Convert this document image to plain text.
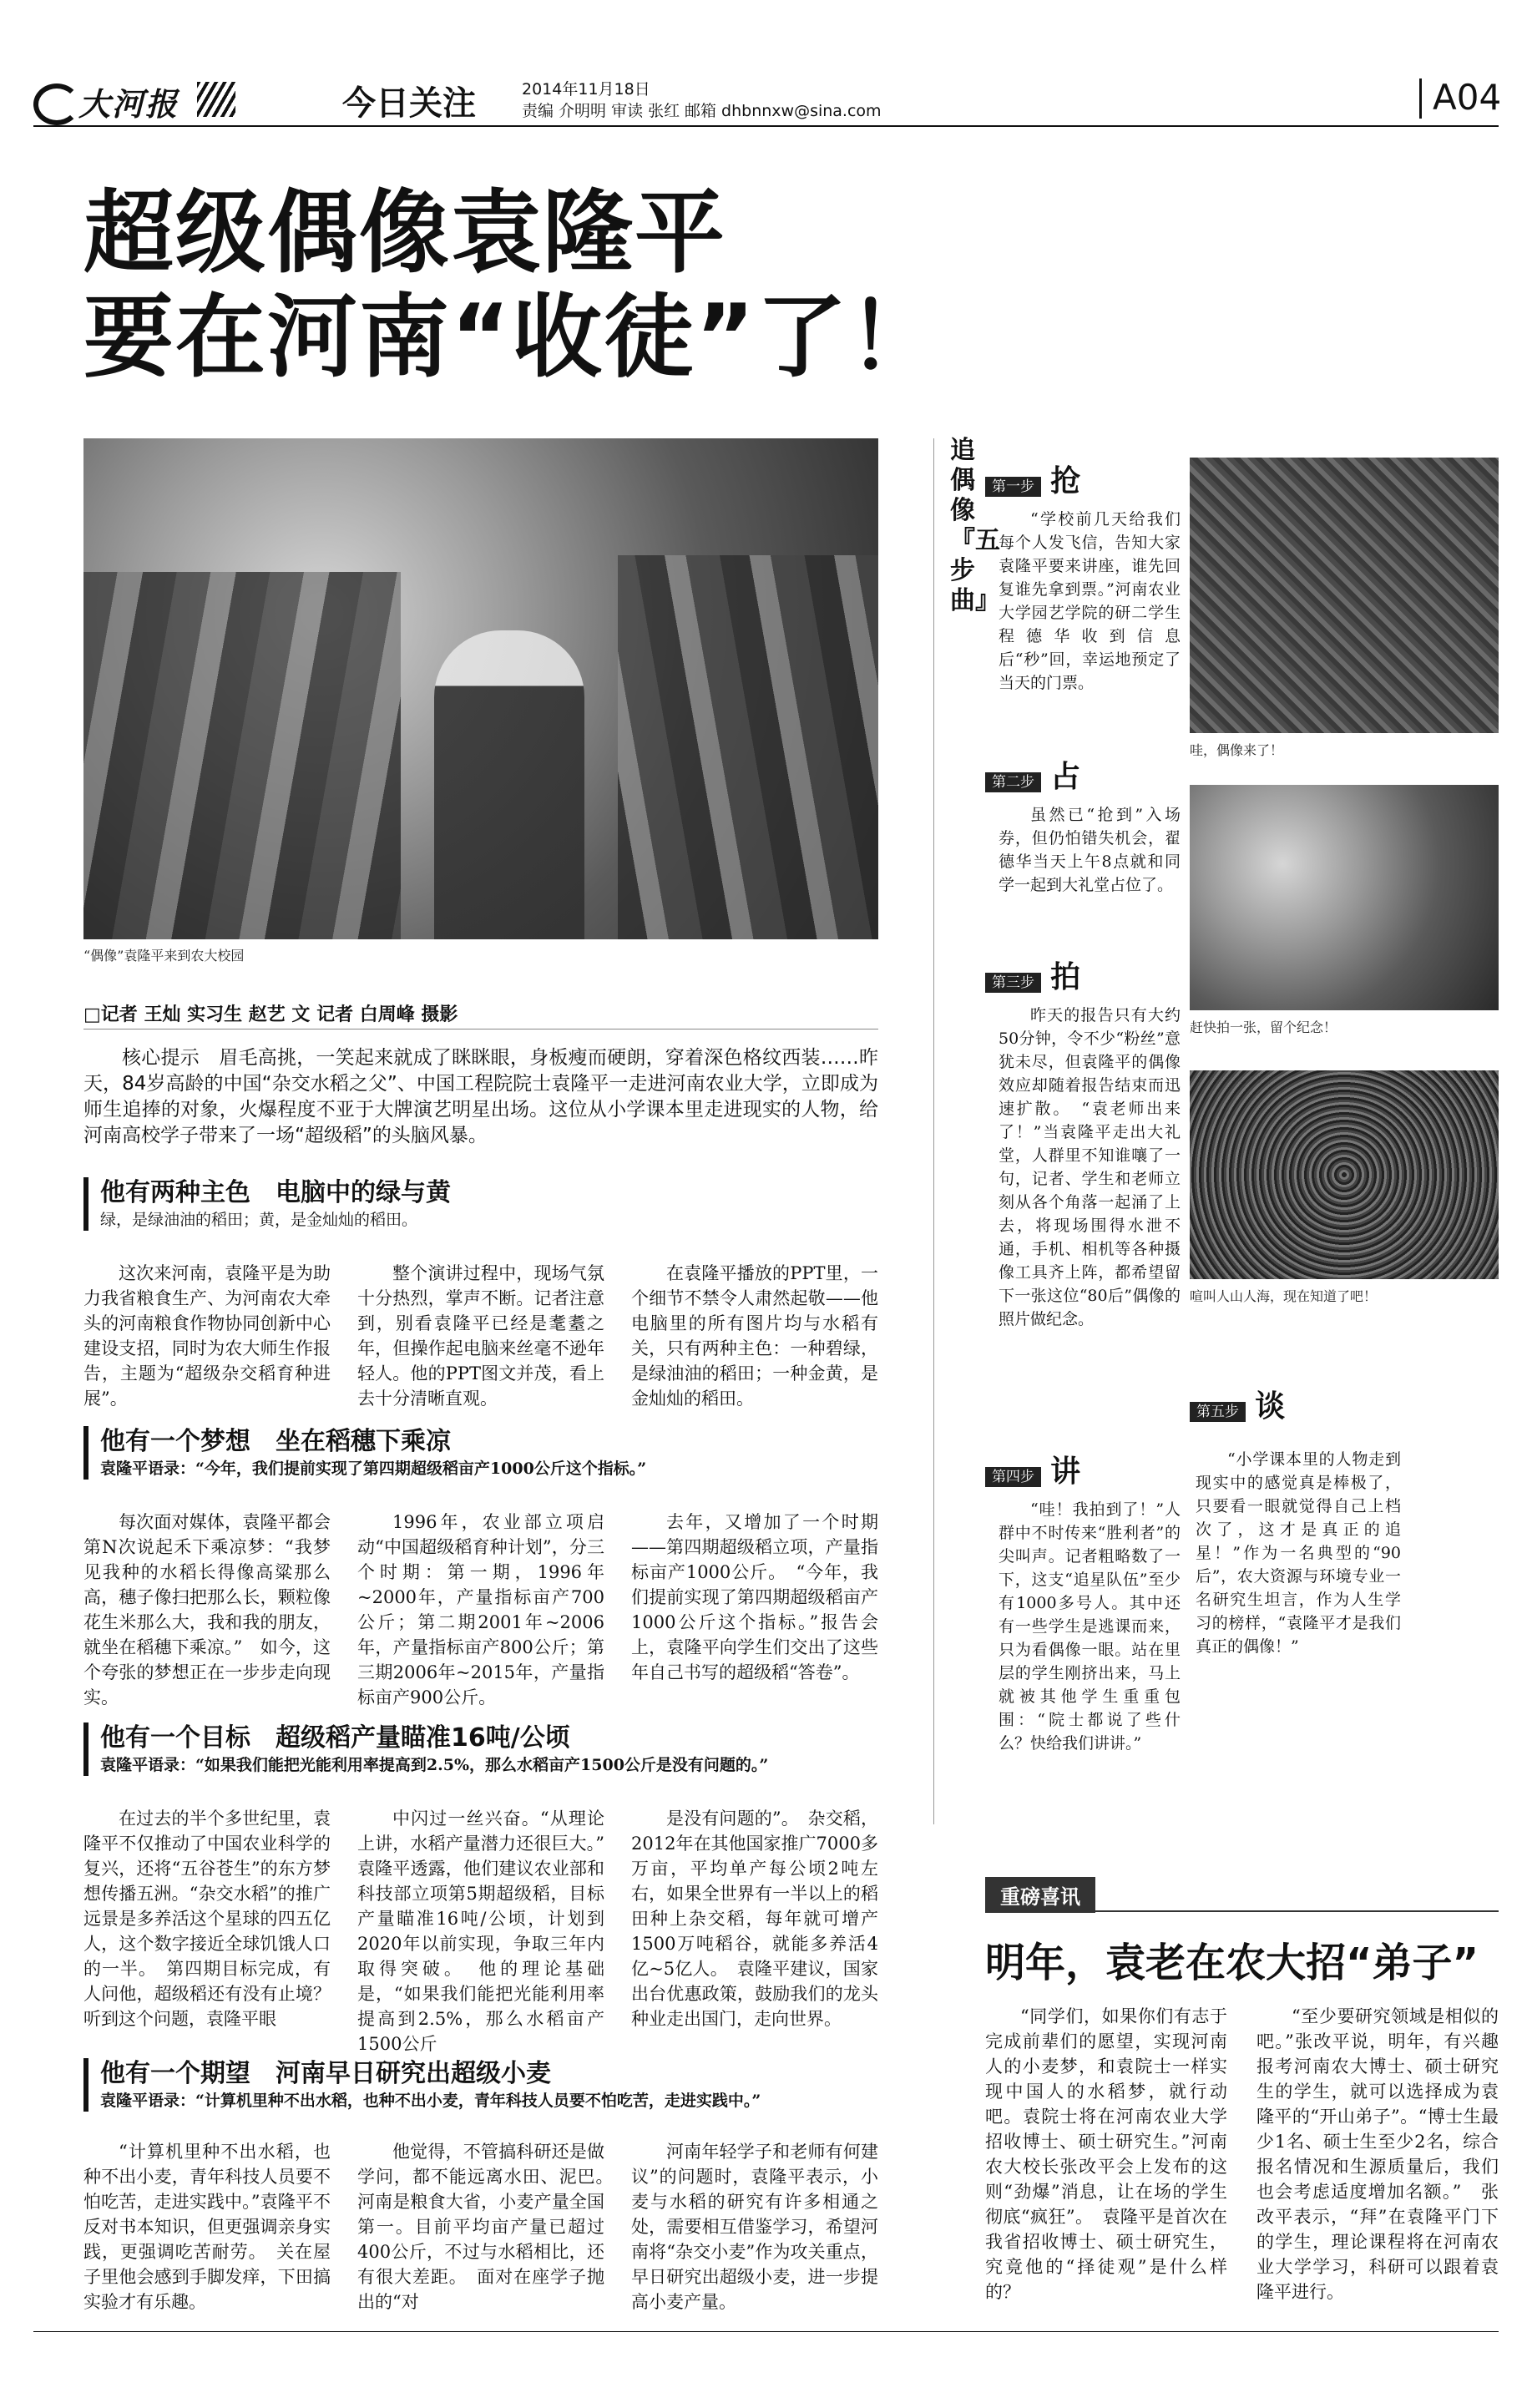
大河报	今日关注	2014年11月18日
责编 介明明 审读 张红 邮箱 dhbnnxw@sina.com	A04
超级偶像袁隆平
要在河南“收徒”了！
“偶像”袁隆平来到农大校园
□记者 王灿 实习生 赵艺 文 记者 白周峰 摄影
核心提示　眉毛高挑，一笑起来就成了眯眯眼，身板瘦而硬朗，穿着深色格纹西装……昨天，84岁高龄的中国“杂交水稻之父”、中国工程院院士袁隆平一走进河南农业大学，立即成为师生追捧的对象，火爆程度不亚于大牌演艺明星出场。这位从小学课本里走进现实的人物，给河南高校学子带来了一场“超级稻”的头脑风暴。
他有两种主色　电脑中的绿与黄
绿，是绿油油的稻田；黄，是金灿灿的稻田。

这次来河南，袁隆平是为助力我省粮食生产、为河南农大牵头的河南粮食作物协同创新中心建设支招，同时为农大师生作报告，主题为“超级杂交稻育种进展”。

整个演讲过程中，现场气氛十分热烈，掌声不断。记者注意到，别看袁隆平已经是耄耋之年，但操作起电脑来丝毫不逊年轻人。他的PPT图文并茂，看上去十分清晰直观。

在袁隆平播放的PPT里，一个细节不禁令人肃然起敬——他电脑里的所有图片均与水稻有关，只有两种主色：一种碧绿，是绿油油的稻田；一种金黄，是金灿灿的稻田。

他有一个梦想　坐在稻穗下乘凉
袁隆平语录：“今年，我们提前实现了第四期超级稻亩产1000公斤这个指标。”

每次面对媒体，袁隆平都会第N次说起禾下乘凉梦：“我梦见我种的水稻长得像高粱那么高，穗子像扫把那么长，颗粒像花生米那么大，我和我的朋友，就坐在稻穗下乘凉。”　如今，这个夸张的梦想正在一步步走向现实。

1996年，农业部立项启动“中国超级稻育种计划”，分三个时期：第一期，1996年~2000年，产量指标亩产700公斤；第二期2001年~2006年，产量指标亩产800公斤；第三期2006年~2015年，产量指标亩产900公斤。

去年，又增加了一个时期——第四期超级稻立项，产量指标亩产1000公斤。　“今年，我们提前实现了第四期超级稻亩产1000公斤这个指标。”报告会上，袁隆平向学生们交出了这些年自己书写的超级稻“答卷”。

他有一个目标　超级稻产量瞄准16吨/公顷
袁隆平语录：“如果我们能把光能利用率提高到2.5%，那么水稻亩产1500公斤是没有问题的。”

在过去的半个多世纪里，袁隆平不仅推动了中国农业科学的复兴，还将“五谷苍生”的东方梦想传播五洲。“杂交水稻”的推广远景是多养活这个星球的四五亿人，这个数字接近全球饥饿人口的一半。　第四期目标完成，有人问他，超级稻还有没有止境？　听到这个问题，袁隆平眼

中闪过一丝兴奋。“从理论上讲，水稻产量潜力还很巨大。”　袁隆平透露，他们建议农业部和科技部立项第5期超级稻，目标产量瞄准16吨/公顷，计划到2020年以前实现，争取三年内取得突破。　他的理论基础是，“如果我们能把光能利用率提高到2.5%，那么水稻亩产1500公斤

是没有问题的”。　杂交稻，2012年在其他国家推广7000多万亩，平均单产每公顷2吨左右，如果全世界有一半以上的稻田种上杂交稻，每年就可增产1500万吨稻谷，就能多养活4亿~5亿人。　袁隆平建议，国家出台优惠政策，鼓励我们的龙头种业走出国门，走向世界。

他有一个期望　河南早日研究出超级小麦
袁隆平语录：“计算机里种不出水稻，也种不出小麦，青年科技人员要不怕吃苦，走进实践中。”

“计算机里种不出水稻，也种不出小麦，青年科技人员要不怕吃苦，走进实践中。”袁隆平不反对书本知识，但更强调亲身实践，更强调吃苦耐劳。　关在屋子里他会感到手脚发痒，下田搞实验才有乐趣。

他觉得，不管搞科研还是做学问，都不能远离水田、泥巴。　河南是粮食大省，小麦产量全国第一。目前平均亩产量已超过400公斤，不过与水稻相比，还有很大差距。　面对在座学子抛出的“对

河南年轻学子和老师有何建议”的问题时，袁隆平表示，小麦与水稻的研究有许多相通之处，需要相互借鉴学习，希望河南将“杂交小麦”作为攻关重点，早日研究出超级小麦，进一步提高小麦产量。

追偶像『五步曲』
第一步 抢

“学校前几天给我们每个人发飞信，告知大家袁隆平要来讲座，谁先回复谁先拿到票。”河南农业大学园艺学院的研二学生程德华收到信息后“秒”回，幸运地预定了当天的门票。

第二步 占

虽然已“抢到”入场券，但仍怕错失机会，翟德华当天上午8点就和同学一起到大礼堂占位了。

第三步 拍

昨天的报告只有大约50分钟，令不少“粉丝”意犹未尽，但袁隆平的偶像效应却随着报告结束而迅速扩散。　“袁老师出来了！”当袁隆平走出大礼堂，人群里不知谁嚷了一句，记者、学生和老师立刻从各个角落一起涌了上去，将现场围得水泄不通，手机、相机等各种摄像工具齐上阵，都希望留下一张这位“80后”偶像的照片做纪念。

第四步 讲

“哇！我拍到了！”人群中不时传来“胜利者”的尖叫声。记者粗略数了一下，这支“追星队伍”至少有1000多号人。其中还有一些学生是逃课而来，只为看偶像一眼。站在里层的学生刚挤出来，马上就被其他学生重重包围：“院士都说了些什么？快给我们讲讲。”

哇，偶像来了！
赶快拍一张，留个纪念！
喧叫人山人海，现在知道了吧！
第五步 谈

“小学课本里的人物走到现实中的感觉真是棒极了，只要看一眼就觉得自己上档次了，这才是真正的追星！”作为一名典型的“90后”，农大资源与环境专业一名研究生坦言，作为人生学习的榜样，“袁隆平才是我们真正的偶像！”

重磅喜讯
明年，袁老在农大招“弟子”

“同学们，如果你们有志于完成前辈们的愿望，实现河南人的小麦梦，和袁院士一样实现中国人的水稻梦，就行动吧。袁院士将在河南农业大学招收博士、硕士研究生。”河南农大校长张改平会上发布的这则“劲爆”消息，让在场的学生彻底“疯狂”。　袁隆平是首次在我省招收博士、硕士研究生，究竟他的“择徒观”是什么样的？

“至少要研究领域是相似的吧。”张改平说，明年，有兴趣报考河南农大博士、硕士研究生的学生，就可以选择成为袁隆平的“开山弟子”。“博士生最少1名、硕士生至少2名，综合报名情况和生源质量后，我们也会考虑适度增加名额。”　张改平表示，“拜”在袁隆平门下的学生，理论课程将在河南农业大学学习，科研可以跟着袁隆平进行。
